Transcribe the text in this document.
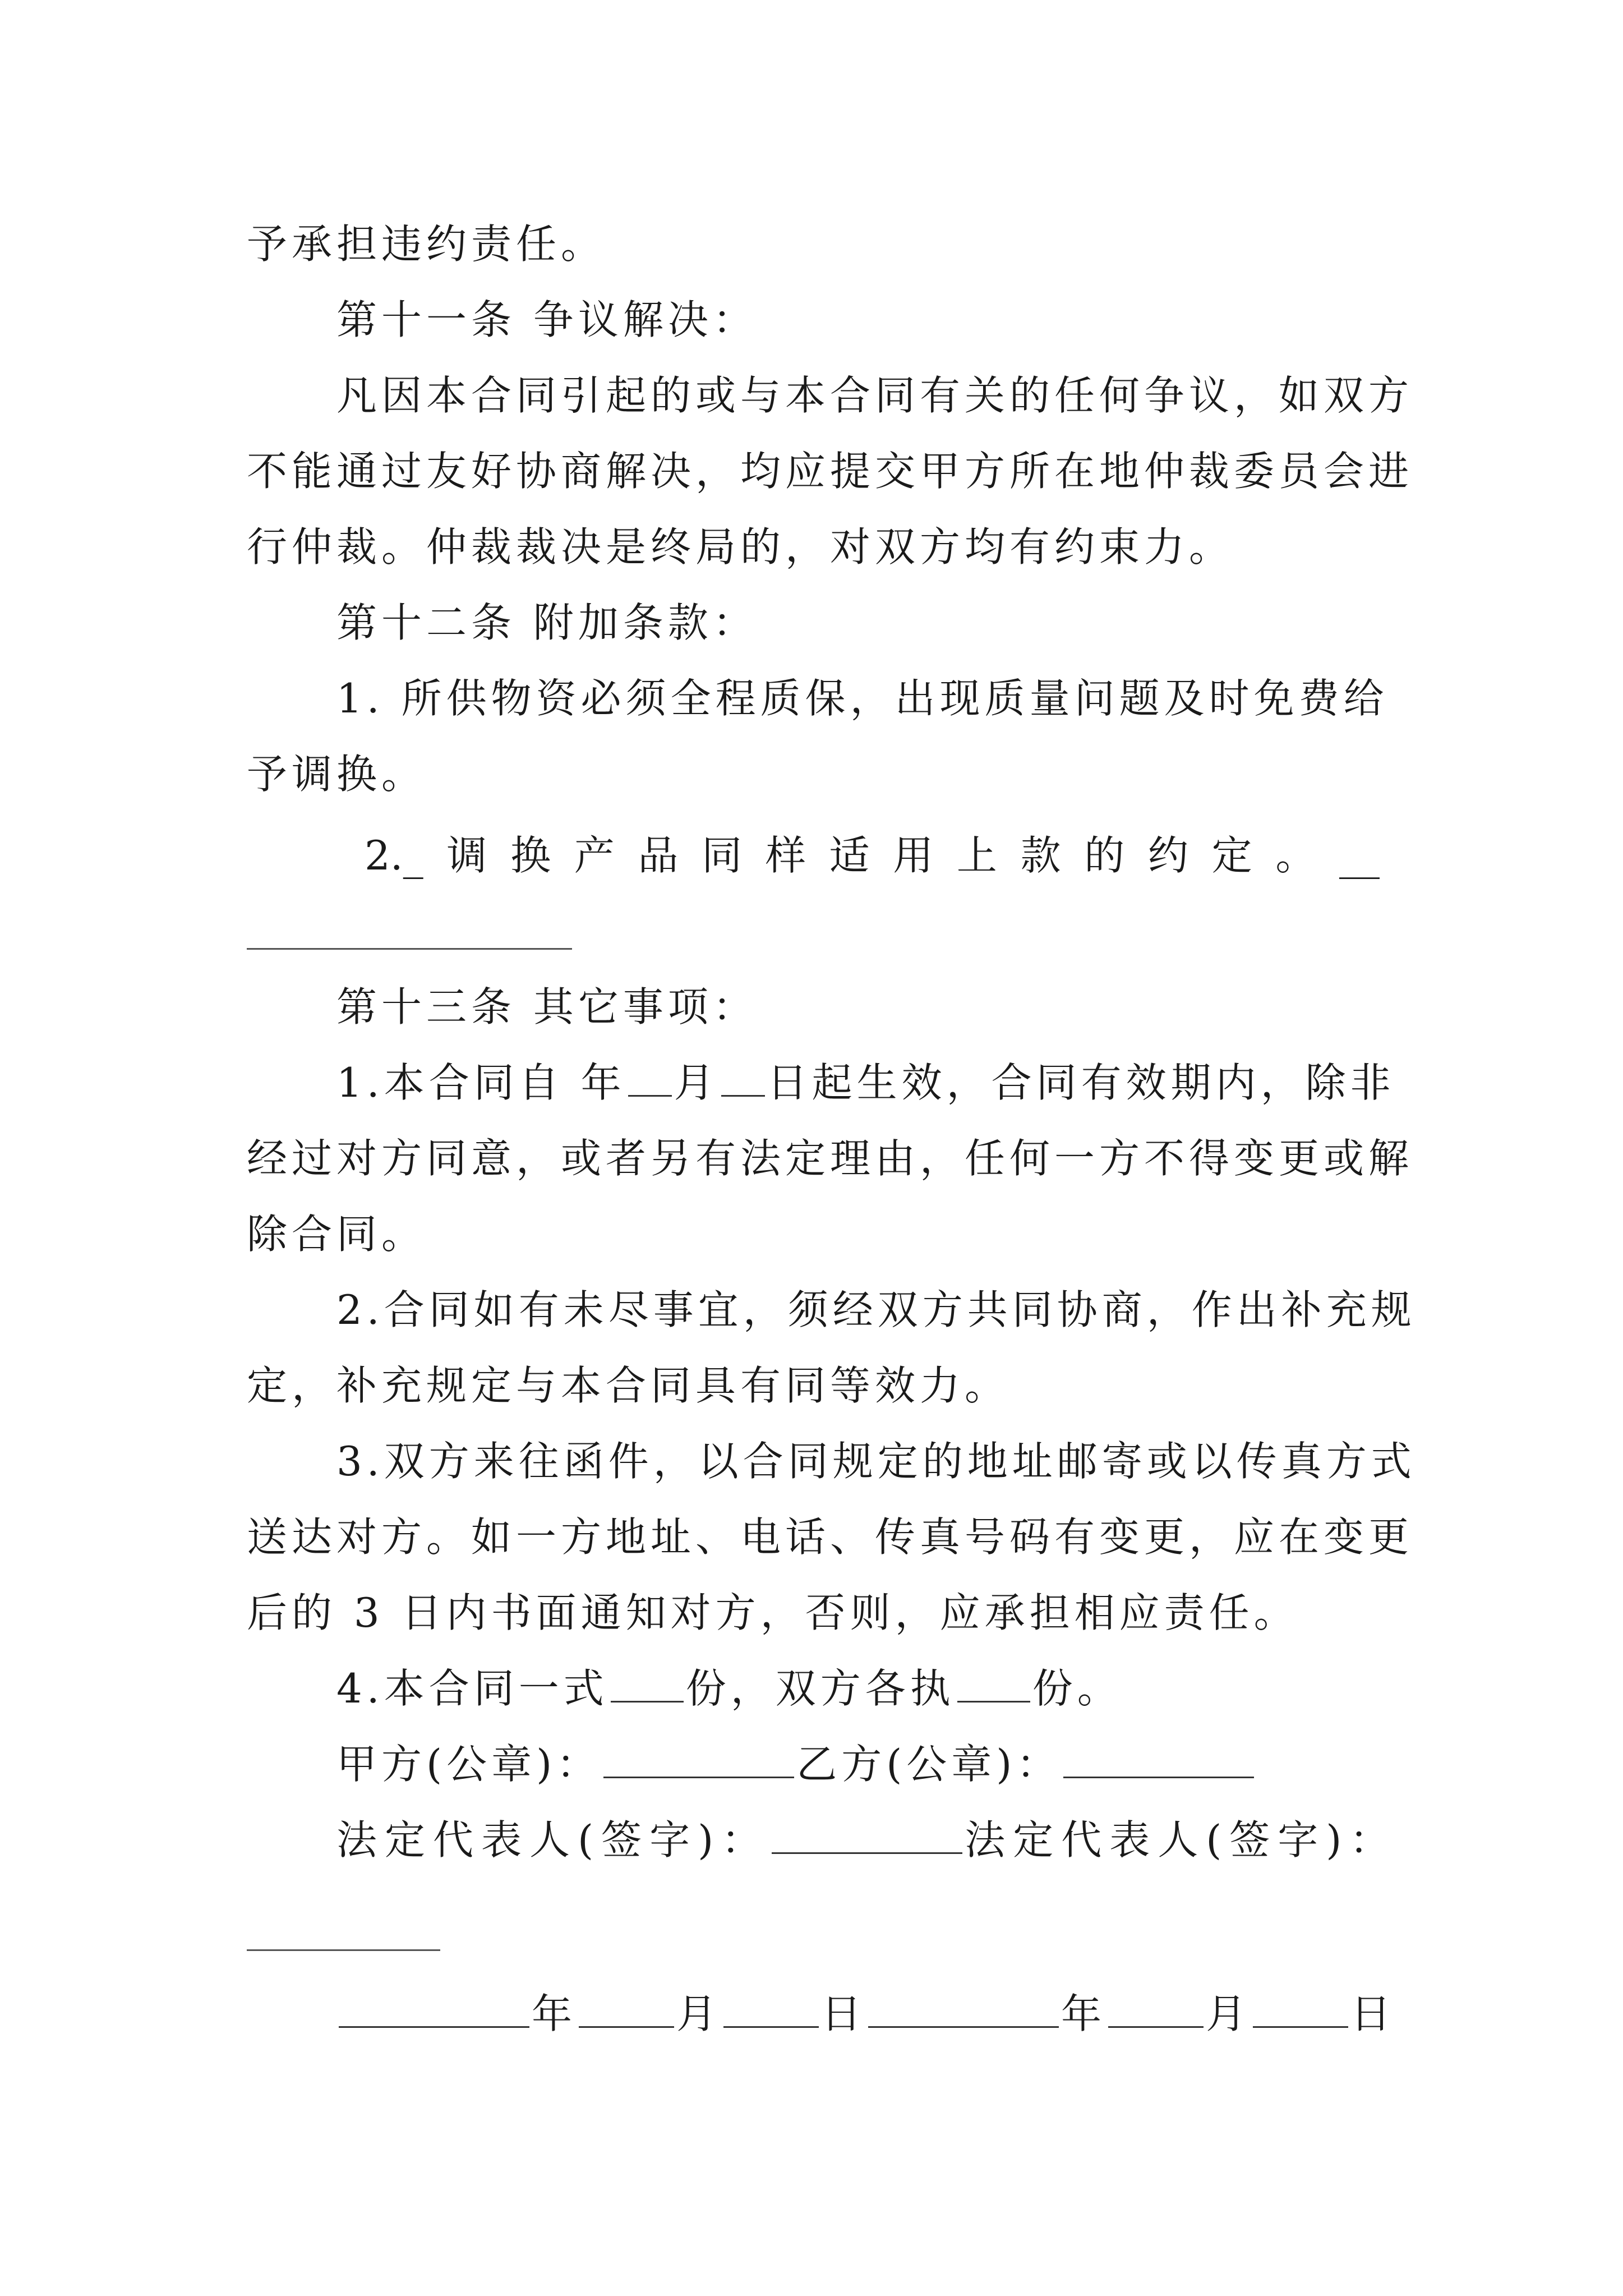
予承担违约责任。
第十一条 争议解决：
凡因本合同引起的或与本合同有关的任何争议，如双方
不能通过友好协商解决，均应提交甲方所在地仲裁委员会进
行仲裁。仲裁裁决是终局的，对双方均有约束力。
第十二条 附加条款：
1. 所供物资必须全程质保，出现质量问题及时免费给
予调换。
2._ 调 换 产 品 同 样 适 用 上 款 的 约 定 。 __
第十三条 其它事项：
1.本合同自 年 月 日起生效，合同有效期内，除非
经过对方同意，或者另有法定理由，任何一方不得变更或解
除合同。
2.合同如有未尽事宜，须经双方共同协商，作出补充规
定，补充规定与本合同具有同等效力。
3.双方来往函件，以合同规定的地址邮寄或以传真方式
送达对方。如一方地址、电话、传真号码有变更，应在变更
后的 3 日内书面通知对方，否则，应承担相应责任。
4.本合同一式 份，双方各执 份。
甲方(公章)：	乙方(公章)：
法定代表人(签字)：	法定代表人(签字)：
年 月 日	年 月 日
